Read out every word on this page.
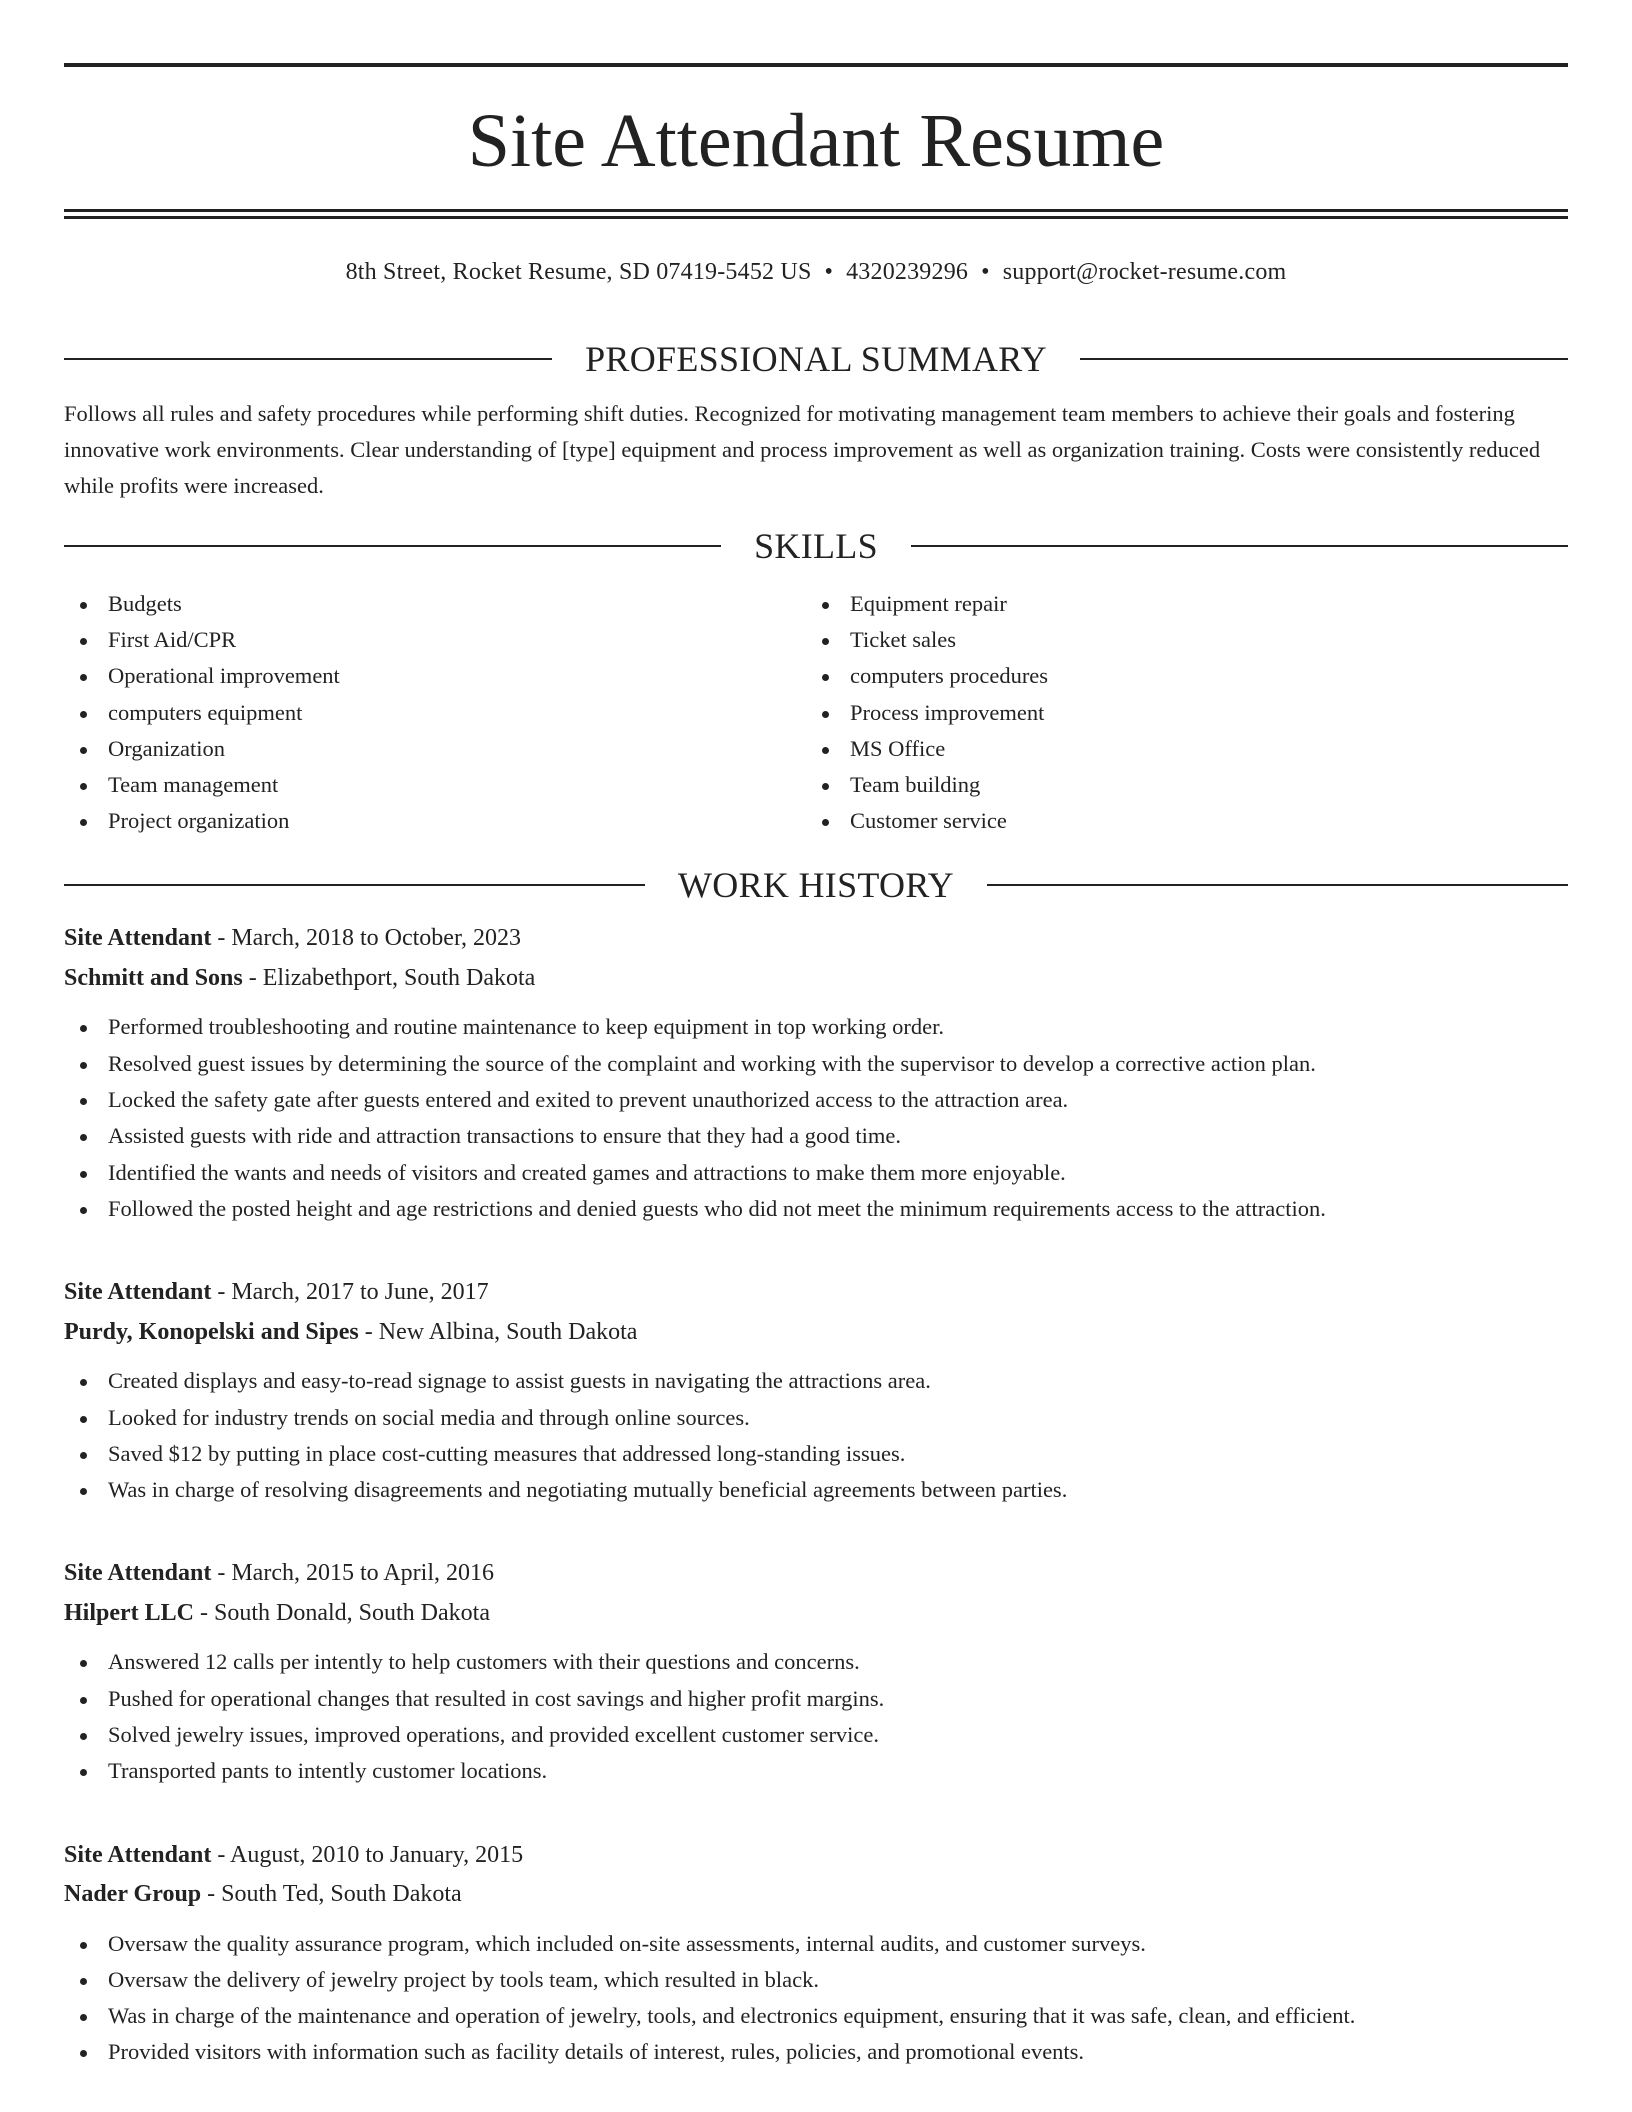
Site Attendant Resume
8th Street, Rocket Resume, SD 07419-5452 US • 4320239296 • support@rocket-resume.com
PROFESSIONAL SUMMARY

Follows all rules and safety procedures while performing shift duties. Recognized for motivating management team members to achieve their goals and fostering innovative work environments. Clear understanding of [type] equipment and process improvement as well as organization training. Costs were consistently reduced while profits were increased.

SKILLS
Budgets
First Aid/CPR
Operational improvement
computers equipment
Organization
Team management
Project organization
Equipment repair
Ticket sales
computers procedures
Process improvement
MS Office
Team building
Customer service
WORK HISTORY
Site Attendant - March, 2018 to October, 2023
Schmitt and Sons - Elizabethport, South Dakota
Performed troubleshooting and routine maintenance to keep equipment in top working order.
Resolved guest issues by determining the source of the complaint and working with the supervisor to develop a corrective action plan.
Locked the safety gate after guests entered and exited to prevent unauthorized access to the attraction area.
Assisted guests with ride and attraction transactions to ensure that they had a good time.
Identified the wants and needs of visitors and created games and attractions to make them more enjoyable.
Followed the posted height and age restrictions and denied guests who did not meet the minimum requirements access to the attraction.
Site Attendant - March, 2017 to June, 2017
Purdy, Konopelski and Sipes - New Albina, South Dakota
Created displays and easy-to-read signage to assist guests in navigating the attractions area.
Looked for industry trends on social media and through online sources.
Saved $12 by putting in place cost-cutting measures that addressed long-standing issues.
Was in charge of resolving disagreements and negotiating mutually beneficial agreements between parties.
Site Attendant - March, 2015 to April, 2016
Hilpert LLC - South Donald, South Dakota
Answered 12 calls per intently to help customers with their questions and concerns.
Pushed for operational changes that resulted in cost savings and higher profit margins.
Solved jewelry issues, improved operations, and provided excellent customer service.
Transported pants to intently customer locations.
Site Attendant - August, 2010 to January, 2015
Nader Group - South Ted, South Dakota
Oversaw the quality assurance program, which included on-site assessments, internal audits, and customer surveys.
Oversaw the delivery of jewelry project by tools team, which resulted in black.
Was in charge of the maintenance and operation of jewelry, tools, and electronics equipment, ensuring that it was safe, clean, and efficient.
Provided visitors with information such as facility details of interest, rules, policies, and promotional events.
